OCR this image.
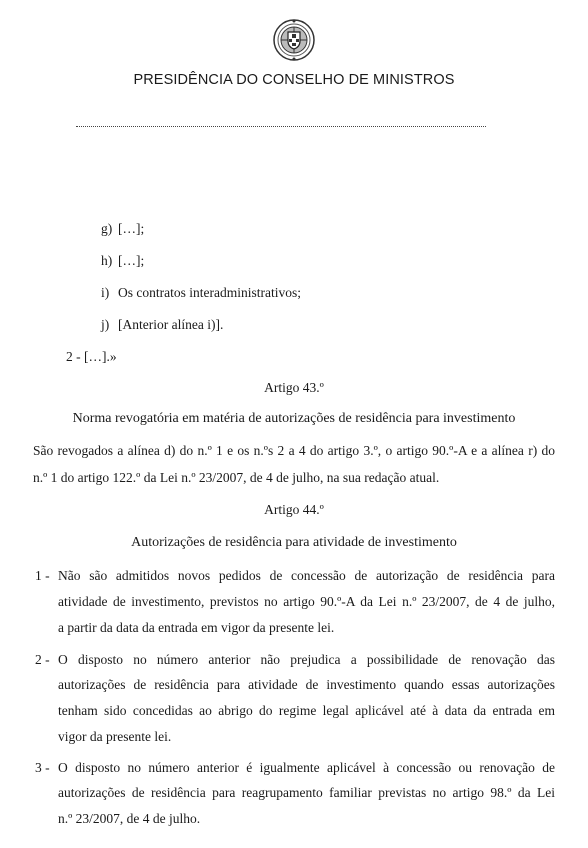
PRESIDÊNCIA DO CONSELHO DE MINISTROS
g) […];
h) […];
i) Os contratos interadministrativos;
j) [Anterior alínea i)].
2 - […].»
Artigo 43.º
Norma revogatória em matéria de autorizações de residência para investimento
São revogados a alínea d) do n.º 1 e os n.ºs 2 a 4 do artigo 3.º, o artigo 90.º-A e a alínea r) do
n.º 1 do artigo 122.º da Lei n.º 23/2007, de 4 de julho, na sua redação atual.
Artigo 44.º
Autorizações de residência para atividade de investimento
1 - Não são admitidos novos pedidos de concessão de autorização de residência para
atividade de investimento, previstos no artigo 90.º-A da Lei n.º 23/2007, de 4 de julho,
a partir da data da entrada em vigor da presente lei.
2 - O disposto no número anterior não prejudica a possibilidade de renovação das
autorizações de residência para atividade de investimento quando essas autorizações
tenham sido concedidas ao abrigo do regime legal aplicável até à data da entrada em
vigor da presente lei.
3 - O disposto no número anterior é igualmente aplicável à concessão ou renovação de
autorizações de residência para reagrupamento familiar previstas no artigo 98.º da Lei
n.º 23/2007, de 4 de julho.
